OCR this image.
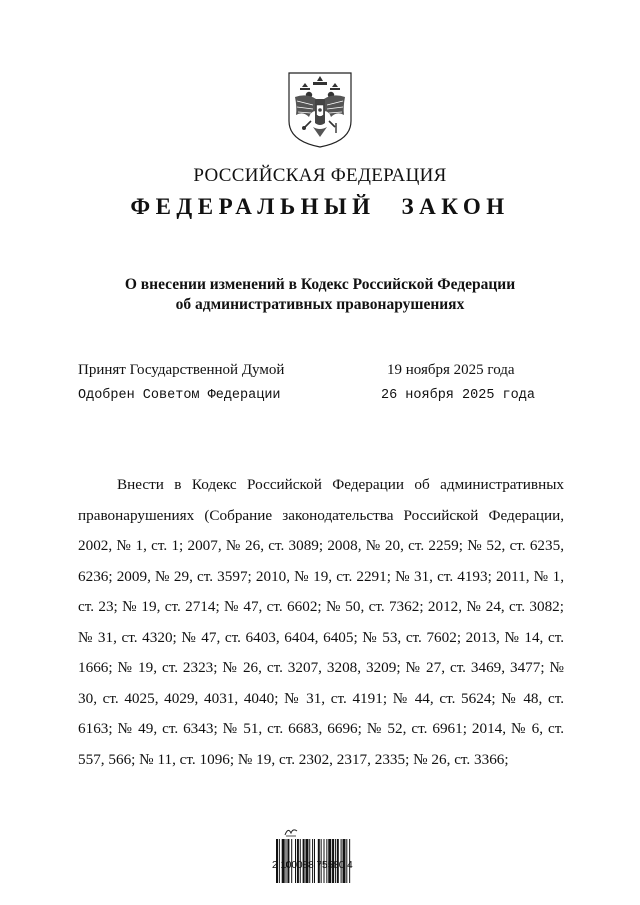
РОССИЙСКАЯ ФЕДЕРАЦИЯ
ФЕДЕРАЛЬНЫЙ ЗАКОН
О внесении изменений в Кодекс Российской Федерации
об административных правонарушениях
Принят Государственной Думой	19 ноября 2025 года
Одобрен Советом Федерации	26 ноября 2025 года

Внести в Кодекс Российской Федерации об административных правонарушениях (Собрание законодательства Российской Федерации, 2002, № 1, ст. 1; 2007, № 26, ст. 3089; 2008, № 20, ст. 2259; № 52, ст. 6235, 6236; 2009, № 29, ст. 3597; 2010, № 19, ст. 2291; № 31, ст. 4193; 2011, № 1, ст. 23; № 19, ст. 2714; № 47, ст. 6602; № 50, ст. 7362; 2012, № 24, ст. 3082; № 31, ст. 4320; № 47, ст. 6403, 6404, 6405; № 53, ст. 7602; 2013, № 14, ст. 1666; № 19, ст. 2323; № 26, ст. 3207, 3208, 3209; № 27, ст. 3469, 3477; № 30, ст. 4025, 4029, 4031, 4040; № 31, ст. 4191; № 44, ст. 5624; № 48, ст. 6163; № 49, ст. 6343; № 51, ст. 6683, 6696; № 52, ст. 6961; 2014, № 6, ст. 557, 566; № 11, ст. 1096; № 19, ст. 2302, 2317, 2335; № 26, ст. 3366;

2 100088 75580 4
